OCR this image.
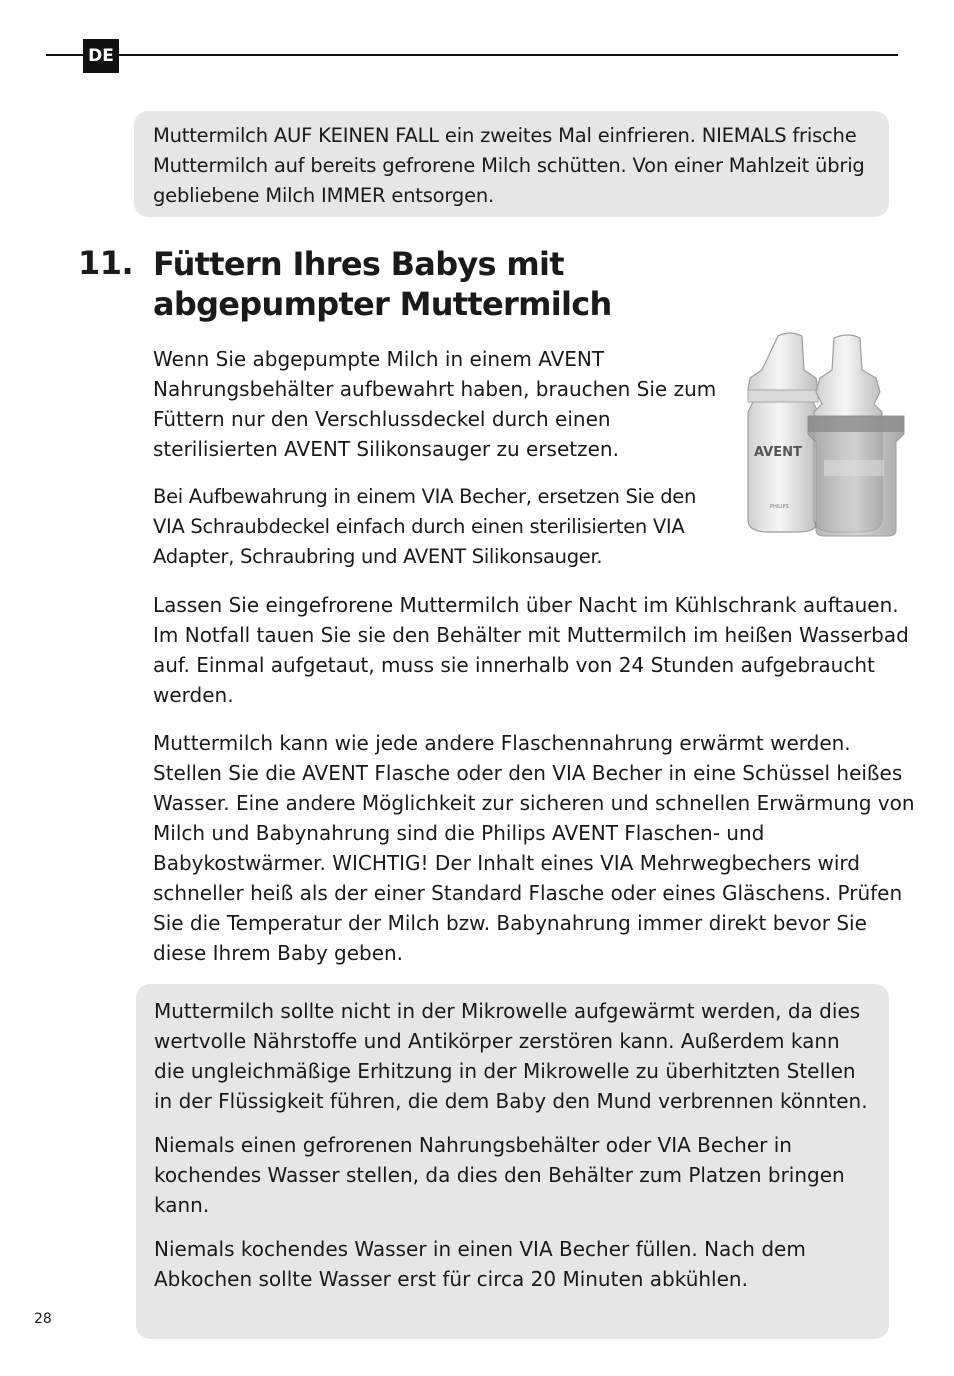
DE

Muttermilch AUF KEINEN FALL ein zweites Mal einfrieren. NIEMALS frische Muttermilch auf bereits gefrorene Milch schütten. Von einer Mahlzeit übrig gebliebene Milch IMMER entsorgen.

11. Füttern Ihres Babys mit abgepumpter Muttermilch

Wenn Sie abgepumpte Milch in einem AVENT Nahrungsbehälter aufbewahrt haben, brauchen Sie zum Füttern nur den Verschlussdeckel durch einen sterilisierten AVENT Silikonsauger zu ersetzen.

Bei Aufbewahrung in einem VIA Becher, ersetzen Sie den VIA Schraubdeckel einfach durch einen sterilisierten VIA Adapter, Schraubring und AVENT Silikonsauger.

Lassen Sie eingefrorene Muttermilch über Nacht im Kühlschrank auftauen. Im Notfall tauen Sie sie den Behälter mit Muttermilch im heißen Wasserbad auf. Einmal aufgetaut, muss sie innerhalb von 24 Stunden aufgebraucht werden.

Muttermilch kann wie jede andere Flaschennahrung erwärmt werden. Stellen Sie die AVENT Flasche oder den VIA Becher in eine Schüssel heißes Wasser. Eine andere Möglichkeit zur sicheren und schnellen Erwärmung von Milch und Babynahrung sind die Philips AVENT Flaschen- und Babykostwärmer. WICHTIG! Der Inhalt eines VIA Mehrwegbechers wird schneller heiß als der einer Standard Flasche oder eines Gläschens. Prüfen Sie die Temperatur der Milch bzw. Babynahrung immer direkt bevor Sie diese Ihrem Baby geben.

AVENT
PHILIPS

Muttermilch sollte nicht in der Mikrowelle aufgewärmt werden, da dies wertvolle Nährstoffe und Antikörper zerstören kann. Außerdem kann die ungleichmäßige Erhitzung in der Mikrowelle zu überhitzten Stellen in der Flüssigkeit führen, die dem Baby den Mund verbrennen könnten.

Niemals einen gefrorenen Nahrungsbehälter oder VIA Becher in kochendes Wasser stellen, da dies den Behälter zum Platzen bringen kann.

Niemals kochendes Wasser in einen VIA Becher füllen. Nach dem Abkochen sollte Wasser erst für circa 20 Minuten abkühlen.

28
